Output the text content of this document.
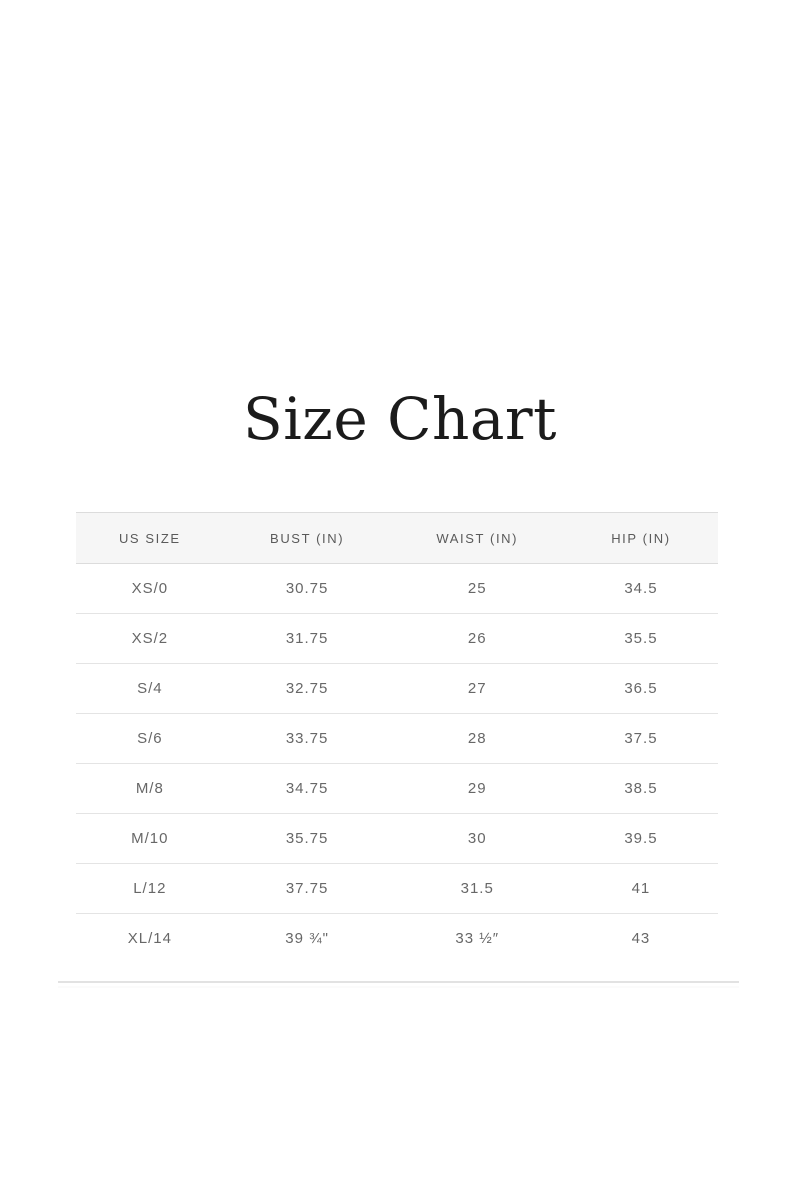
Size Chart
US SIZE	BUST (IN)	WAIST (IN)	HIP (IN)
XS/0	30.75	25	34.5
XS/2	31.75	26	35.5
S/4	32.75	27	36.5
S/6	33.75	28	37.5
M/8	34.75	29	38.5
M/10	35.75	30	39.5
L/12	37.75	31.5	41
XL/14	39 ¾"	33 ½″	43
